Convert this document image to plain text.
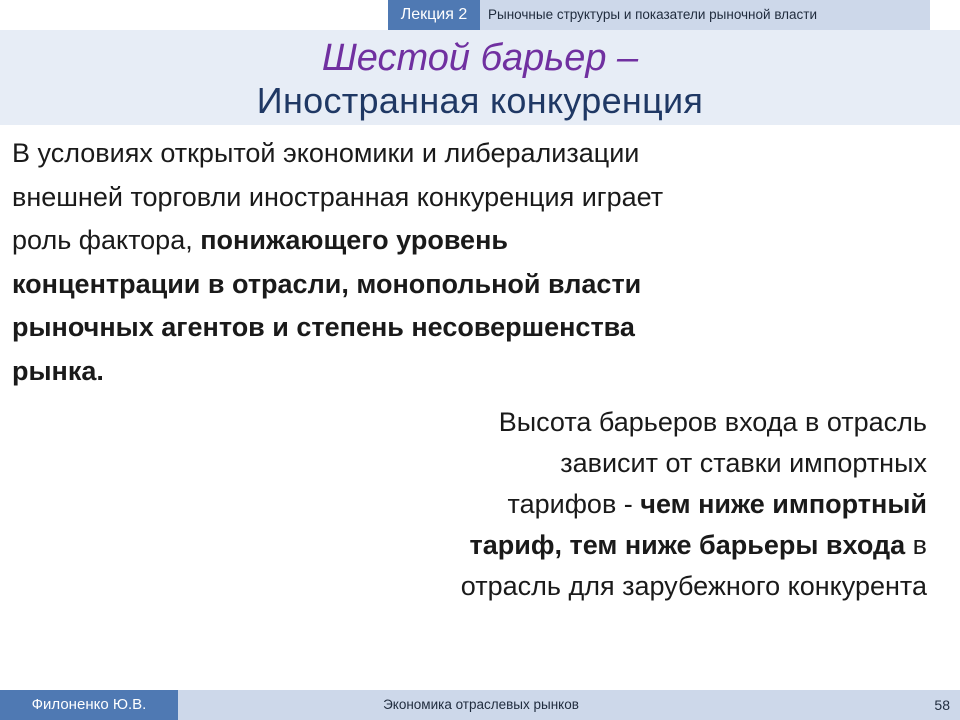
Лекция 2	Рыночные структуры и показатели рыночной власти
Шестой барьер –
Иностранная конкуренция
В условиях открытой экономики и либерализации внешней торговли иностранная конкуренция играет роль фактора, понижающего уровень концентрации в отрасли, монопольной власти рыночных агентов и степень несовершенства рынка.
Высота барьеров входа в отрасль зависит от ставки импортных тарифов - чем ниже импортный тариф, тем ниже барьеры входа в отрасль для зарубежного конкурента
Филоненко Ю.В.	Экономика отраслевых рынков	58
